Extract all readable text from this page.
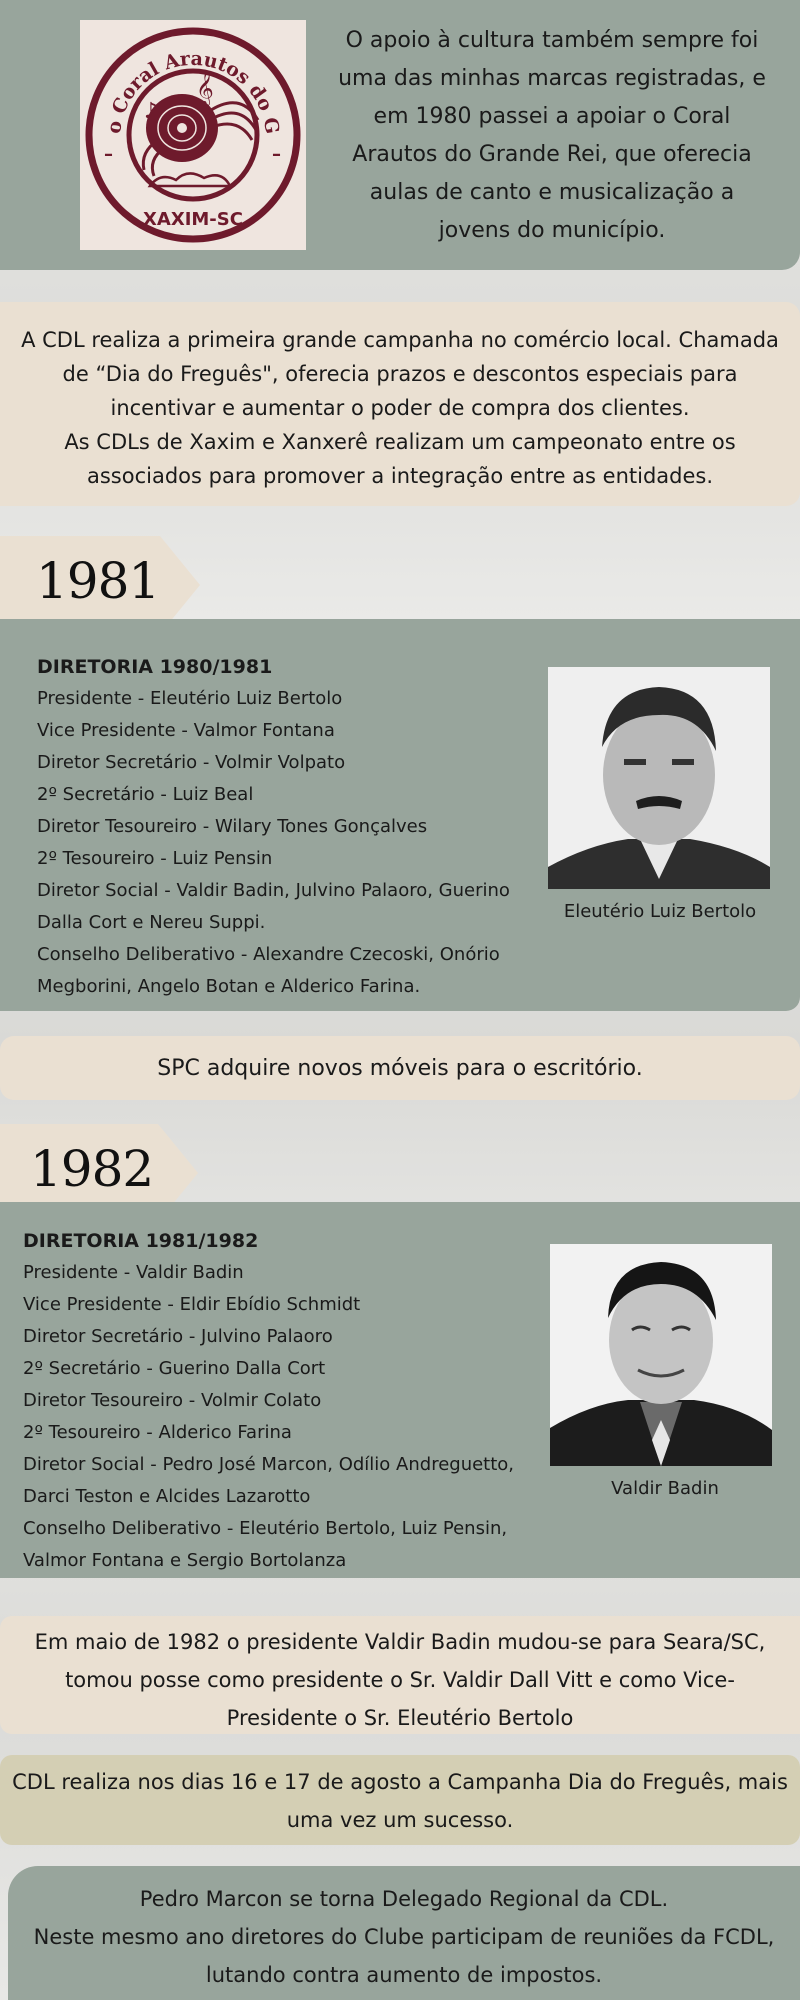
o Coral Arautos do G
–	–
XAXIM-SC
𝄞
♪
O apoio à cultura também sempre foi uma das minhas marcas registradas, e em 1980 passei a apoiar o Coral Arautos do Grande Rei, que oferecia aulas de canto e musicalização a jovens do município.
A CDL realiza a primeira grande campanha no comércio local. Chamada de “Dia do Freguês", oferecia prazos e descontos especiais para incentivar e aumentar o poder de compra dos clientes.
As CDLs de Xaxim e Xanxerê realizam um campeonato entre os associados para promover a integração entre as entidades.
1981
DIRETORIA 1980/1981
Presidente - Eleutério Luiz Bertolo
Vice Presidente - Valmor Fontana
Diretor Secretário - Volmir Volpato
2º Secretário - Luiz Beal
Diretor Tesoureiro - Wilary Tones Gonçalves
2º Tesoureiro - Luiz Pensin
Diretor Social - Valdir Badin, Julvino Palaoro, Guerino Dalla Cort e Nereu Suppi.
Conselho Deliberativo - Alexandre Czecoski, Onório Megborini, Angelo Botan e Alderico Farina.
Eleutério Luiz Bertolo
SPC adquire novos móveis para o escritório.
1982
DIRETORIA 1981/1982
Presidente - Valdir Badin
Vice Presidente - Eldir Ebídio Schmidt
Diretor Secretário - Julvino Palaoro
2º Secretário - Guerino Dalla Cort
Diretor Tesoureiro - Volmir Colato
2º Tesoureiro - Alderico Farina
Diretor Social - Pedro José Marcon, Odílio Andreguetto, Darci Teston e Alcides Lazarotto
Conselho Deliberativo - Eleutério Bertolo, Luiz Pensin, Valmor Fontana e Sergio Bortolanza
Valdir Badin
Em maio de 1982 o presidente Valdir Badin mudou-se para Seara/SC, tomou posse como presidente o Sr. Valdir Dall Vitt e como Vice-Presidente o Sr. Eleutério Bertolo
CDL realiza nos dias 16 e 17 de agosto a Campanha Dia do Freguês, mais uma vez um sucesso.
Pedro Marcon se torna Delegado Regional da CDL.
Neste mesmo ano diretores do Clube participam de reuniões da FCDL, lutando contra aumento de impostos.
